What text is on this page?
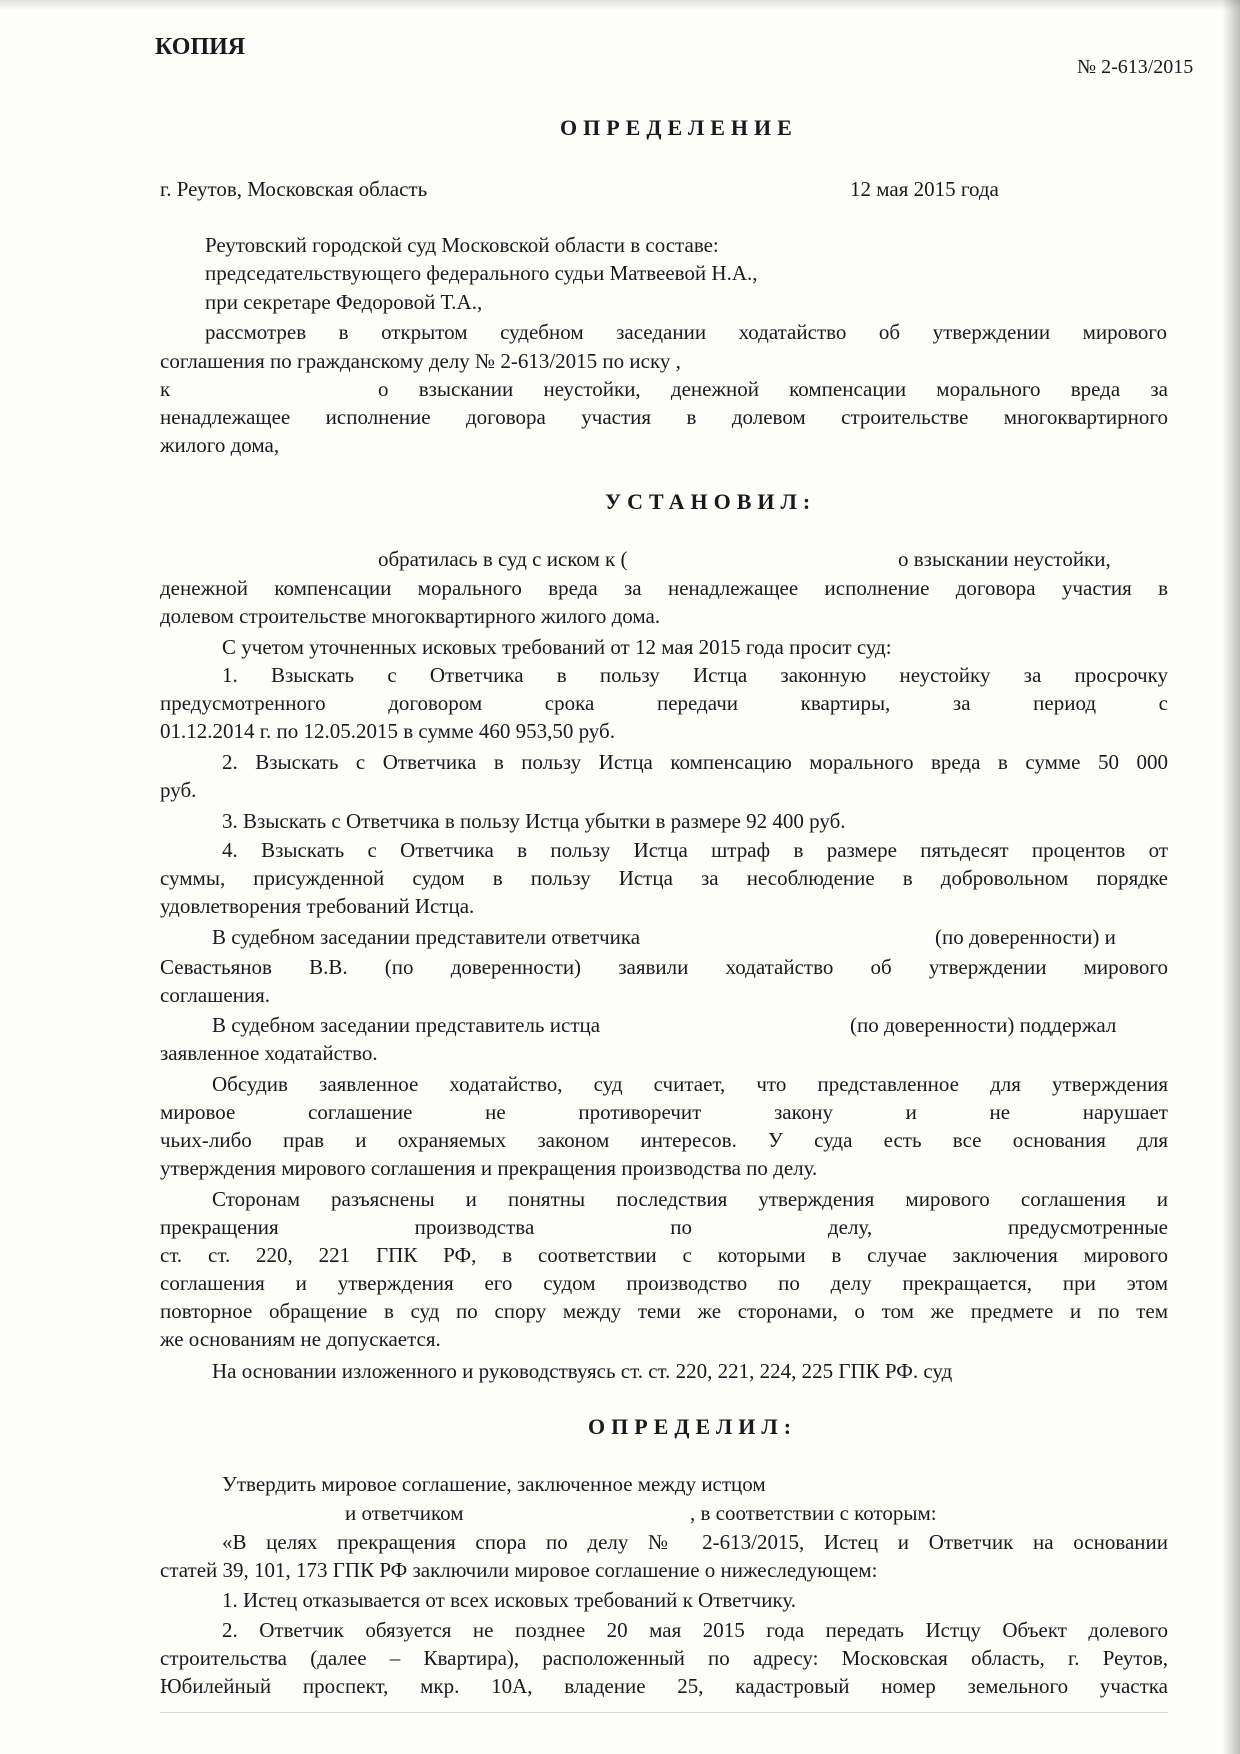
КОПИЯ
№ 2-613/2015
ОПРЕДЕЛЕНИЕ
г. Реутов, Московская область	12 мая 2015 года
Реутовский городской суд Московской области в составе:
председательствующего федерального судьи Матвеевой Н.А.,
при секретаре Федоровой Т.А.,
рассмотрев в открытом судебном заседании ходатайство об утверждении мирового
соглашения по гражданскому делу № 2-613/2015 по иску ,
к	о взыскании неустойки, денежной компенсации морального вреда за
ненадлежащее исполнение договора участия в долевом строительстве многоквартирного
жилого дома,
УСТАНОВИЛ:
обратилась в суд с иском к (	о взыскании неустойки,
денежной компенсации морального вреда за ненадлежащее исполнение договора участия в
долевом строительстве многоквартирного жилого дома.
С учетом уточненных исковых требований от 12 мая 2015 года просит суд:
1. Взыскать с Ответчика в пользу Истца законную неустойку за просрочку
предусмотренного договором срока передачи квартиры, за период с
01.12.2014 г. по 12.05.2015 в сумме 460 953,50 руб.
2. Взыскать с Ответчика в пользу Истца компенсацию морального вреда в сумме 50 000
руб.
3. Взыскать с Ответчика в пользу Истца убытки в размере 92 400 руб.
4. Взыскать с Ответчика в пользу Истца штраф в размере пятьдесят процентов от
суммы, присужденной судом в пользу Истца за несоблюдение в добровольном порядке
удовлетворения требований Истца.
В судебном заседании представители ответчика	(по доверенности) и
Севастьянов В.В. (по доверенности) заявили ходатайство об утверждении мирового
соглашения.
В судебном заседании представитель истца	(по доверенности) поддержал
заявленное ходатайство.
Обсудив заявленное ходатайство, суд считает, что представленное для утверждения
мировое соглашение не противоречит закону и не нарушает
чьих-либо прав и охраняемых законом интересов. У суда есть все основания для
утверждения мирового соглашения и прекращения производства по делу.
Сторонам разъяснены и понятны последствия утверждения мирового соглашения и
прекращения производства по делу, предусмотренные
ст. ст. 220, 221 ГПК РФ, в соответствии с которыми в случае заключения мирового
соглашения и утверждения его судом производство по делу прекращается, при этом
повторное обращение в суд по спору между теми же сторонами, о том же предмете и по тем
же основаниям не допускается.
На основании изложенного и руководствуясь ст. ст. 220, 221, 224, 225 ГПК РФ. суд
ОПРЕДЕЛИЛ:
Утвердить мировое соглашение, заключенное между истцом
и ответчиком	, в соответствии с которым:
«В целях прекращения спора по делу № 2-613/2015, Истец и Ответчик на основании
статей 39, 101, 173 ГПК РФ заключили мировое соглашение о нижеследующем:
1. Истец отказывается от всех исковых требований к Ответчику.
2. Ответчик обязуется не позднее 20 мая 2015 года передать Истцу Объект долевого
строительства (далее – Квартира), расположенный по адресу: Московская область, г. Реутов,
Юбилейный проспект, мкр. 10А, владение 25, кадастровый номер земельного участка
